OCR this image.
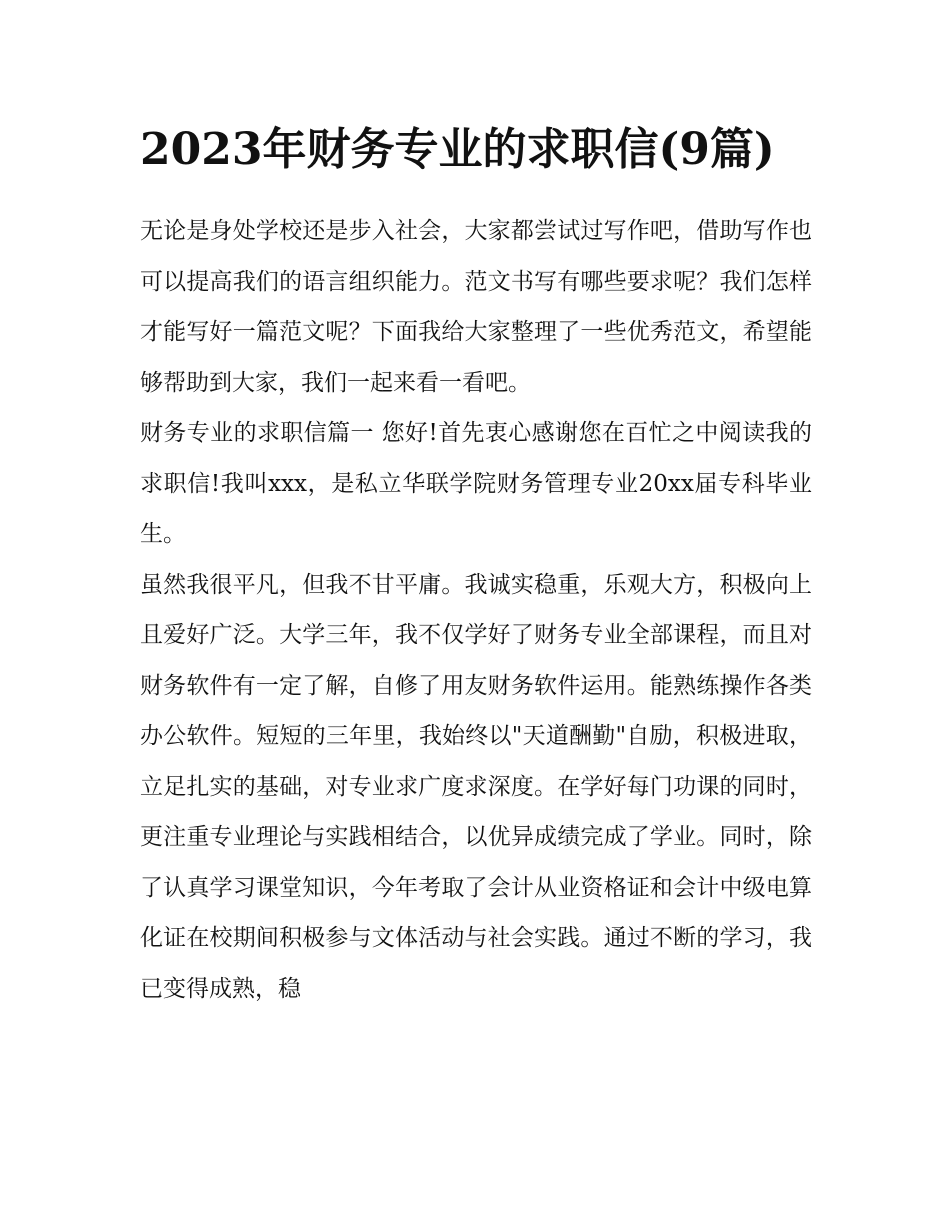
2023年财务专业的求职信(9篇)

无论是身处学校还是步入社会，大家都尝试过写作吧，借助写作也可以提高我们的语言组织能力。范文书写有哪些要求呢？我们怎样才能写好一篇范文呢？下面我给大家整理了一些优秀范文，希望能够帮助到大家，我们一起来看一看吧。

财务专业的求职信篇一 您好!首先衷心感谢您在百忙之中阅读我的求职信!我叫xxx，是私立华联学院财务管理专业20xx届专科毕业生。

虽然我很平凡，但我不甘平庸。我诚实稳重，乐观大方，积极向上且爱好广泛。大学三年，我不仅学好了财务专业全部课程，而且对财务软件有一定了解，自修了用友财务软件运用。能熟练操作各类办公软件。短短的三年里，我始终以"天道酬勤"自励，积极进取，立足扎实的基础，对专业求广度求深度。在学好每门功课的同时，更注重专业理论与实践相结合，以优异成绩完成了学业。同时，除了认真学习课堂知识，今年考取了会计从业资格证和会计中级电算化证在校期间积极参与文体活动与社会实践。通过不断的学习，我已变得成熟，稳
